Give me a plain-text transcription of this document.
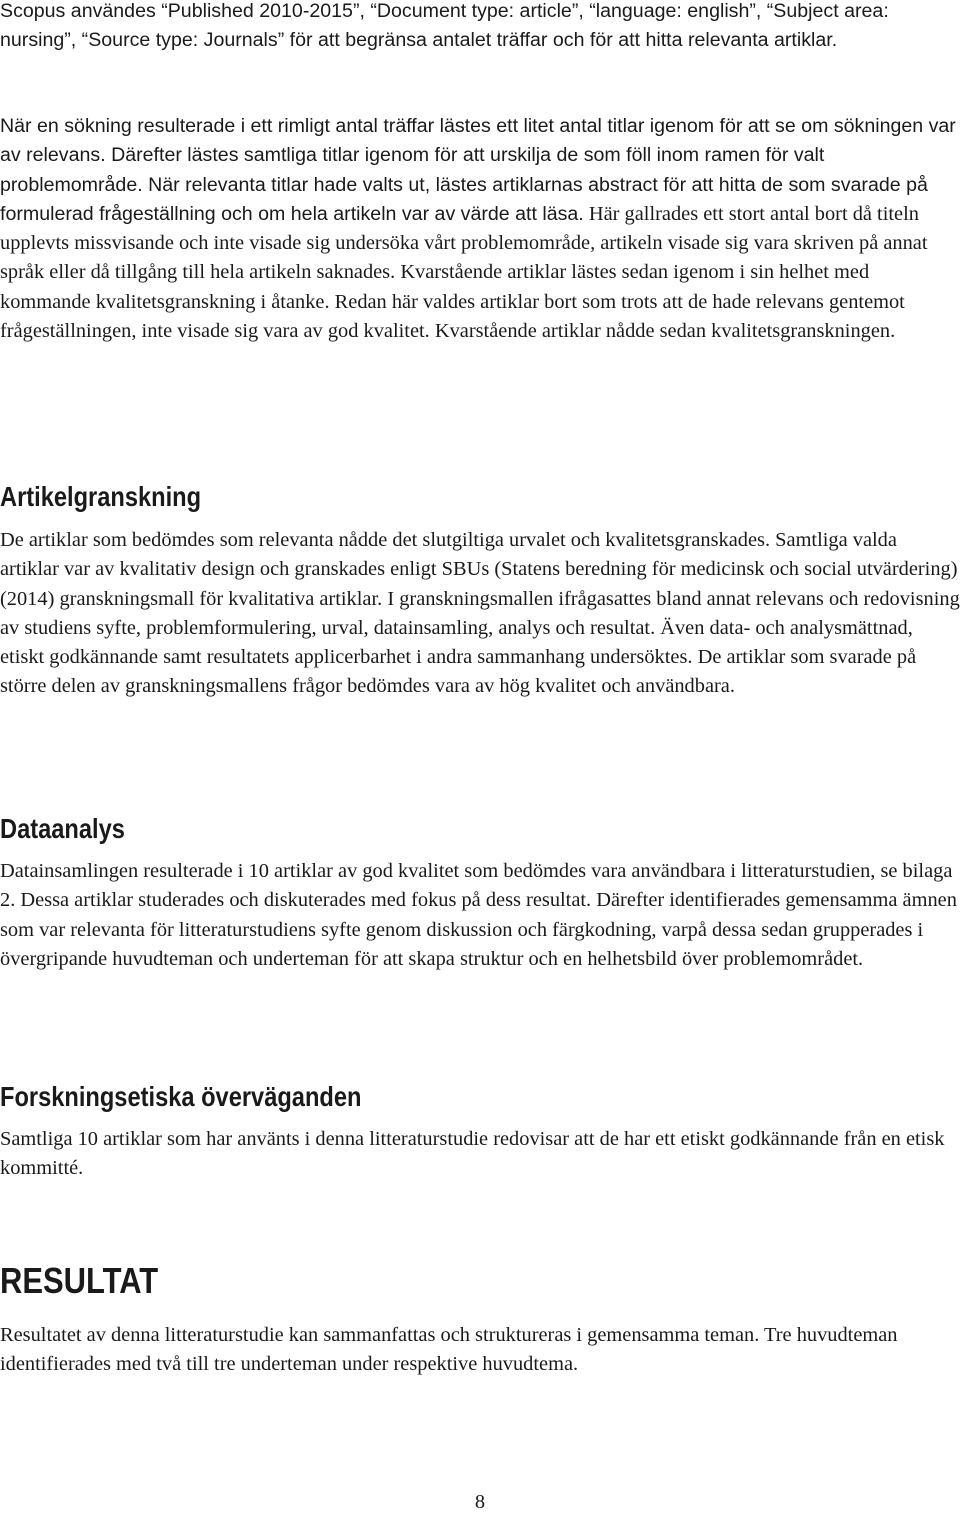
Scopus användes “Published 2010-2015”, “Document type: article”, “language: english”, “Subject area: nursing”, “Source type: Journals” för att begränsa antalet träffar och för att hitta relevanta artiklar.

När en sökning resulterade i ett rimligt antal träffar lästes ett litet antal titlar igenom för att se om sökningen var av relevans. Därefter lästes samtliga titlar igenom för att urskilja de som föll inom ramen för valt problemområde. När relevanta titlar hade valts ut, lästes artiklarnas abstract för att hitta de som svarade på formulerad frågeställning och om hela artikeln var av värde att läsa. Här gallrades ett stort antal bort då titeln upplevts missvisande och inte visade sig undersöka vårt problemområde, artikeln visade sig vara skriven på annat språk eller då tillgång till hela artikeln saknades. Kvarstående artiklar lästes sedan igenom i sin helhet med kommande kvalitetsgranskning i åtanke. Redan här valdes artiklar bort som trots att de hade relevans gentemot frågeställningen, inte visade sig vara av god kvalitet. Kvarstående artiklar nådde sedan kvalitetsgranskningen.

Artikelgranskning

De artiklar som bedömdes som relevanta nådde det slutgiltiga urvalet och kvalitetsgranskades. Samtliga valda artiklar var av kvalitativ design och granskades enligt SBUs (Statens beredning för medicinsk och social utvärdering) (2014) granskningsmall för kvalitativa artiklar. I granskningsmallen ifrågasattes bland annat relevans och redovisning av studiens syfte, problemformulering, urval, datainsamling, analys och resultat. Även data- och analysmättnad, etiskt godkännande samt resultatets applicerbarhet i andra sammanhang undersöktes. De artiklar som svarade på större delen av granskningsmallens frågor bedömdes vara av hög kvalitet och användbara.

Dataanalys

Datainsamlingen resulterade i 10 artiklar av god kvalitet som bedömdes vara användbara i litteraturstudien, se bilaga 2. Dessa artiklar studerades och diskuterades med fokus på dess resultat. Därefter identifierades gemensamma ämnen som var relevanta för litteraturstudiens syfte genom diskussion och färgkodning, varpå dessa sedan grupperades i övergripande huvudteman och underteman för att skapa struktur och en helhetsbild över problemområdet.

Forskningsetiska överväganden

Samtliga 10 artiklar som har använts i denna litteraturstudie redovisar att de har ett etiskt godkännande från en etisk kommitté.

RESULTAT

Resultatet av denna litteraturstudie kan sammanfattas och struktureras i gemensamma teman. Tre huvudteman identifierades med två till tre underteman under respektive huvudtema.

8
